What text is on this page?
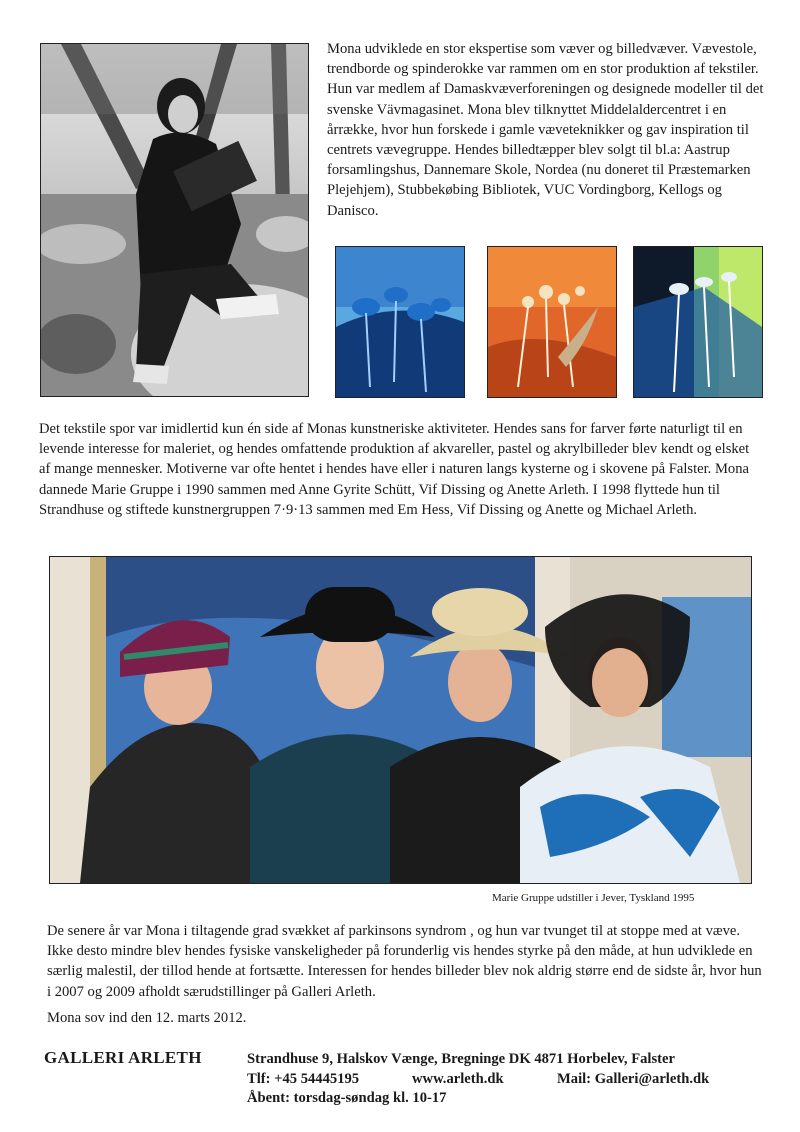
Mona udviklede en stor ekspertise som væver og billedvæver. Vævestole, trendborde og spinderokke var rammen om en stor produktion af tekstiler. Hun var medlem af Damaskvæverforeningen og designede modeller til det svenske Vävmagasinet. Mona blev tilknyttet Middelaldercentret i en årrække, hvor hun forskede i gamle væveteknikker og gav inspiration til centrets vævegruppe. Hendes billedtæpper blev solgt til bl.a: Aastrup forsamlingshus, Dannemare Skole, Nordea (nu doneret til Præstemarken Plejehjem), Stubbekøbing Bibliotek, VUC Vordingborg, Kellogs og Danisco.

Det tekstile spor var imidlertid kun én side af Monas kunstneriske aktiviteter. Hendes sans for farver førte naturligt til en levende interesse for maleriet, og hendes omfattende produktion af akvareller, pastel og akrylbilleder blev kendt og elsket af mange mennesker. Motiverne var ofte hentet i hendes have eller i naturen langs kysterne og i skovene på Falster. Mona dannede Marie Gruppe i 1990 sammen med Anne Gyrite Schütt, Vif Dissing og Anette Arleth. I 1998 flyttede hun til Strandhuse og stiftede kunstnergruppen 7·9·13 sammen med Em Hess, Vif Dissing og Anette og Michael Arleth.

Marie Gruppe udstiller i Jever, Tyskland 1995

De senere år var Mona i tiltagende grad svækket af parkinsons syndrom , og hun var tvunget til at stoppe med at væve. Ikke desto mindre blev hendes fysiske vanskeligheder på forunderlig vis hendes styrke på den måde, at hun udviklede en særlig malestil, der tillod hende at fortsætte. Interessen for hendes billeder blev nok aldrig større end de sidste år, hvor hun i 2007 og 2009 afholdt særudstillinger på Galleri Arleth.

Mona sov ind den 12. marts 2012.
GALLERI ARLETH	Strandhuse 9, Halskov Vænge, Bregninge DK 4871 Horbelev, Falster
Tlf: +45 54445195	www.arleth.dk	Mail: Galleri@arleth.dk
Åbent: torsdag-søndag kl. 10-17
